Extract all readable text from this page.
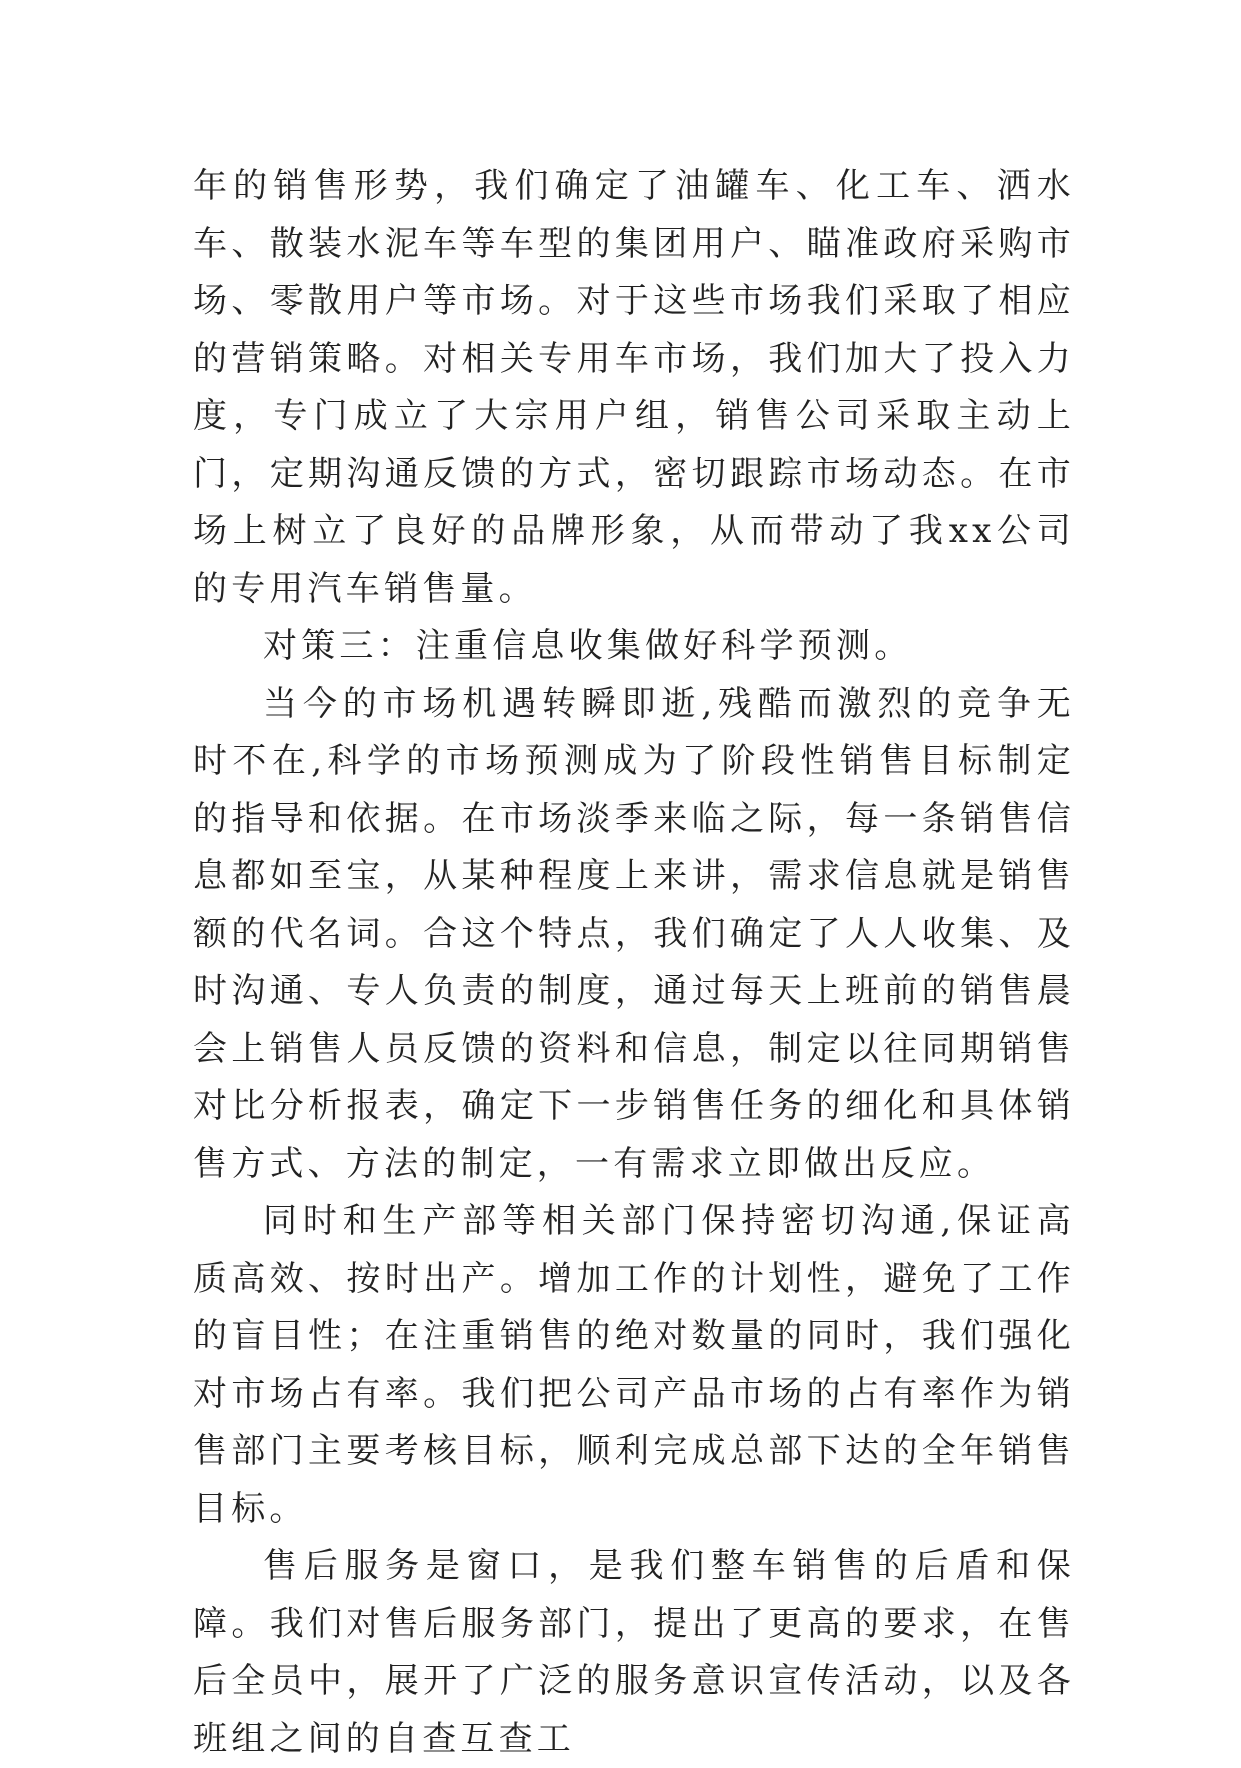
年的销售形势，我们确定了油罐车、化工车、洒水车、散装水泥车等车型的集团用户、瞄准政府采购市场、零散用户等市场。对于这些市场我们采取了相应的营销策略。对相关专用车市场，我们加大了投入力度，专门成立了大宗用户组，销售公司采取主动上门，定期沟通反馈的方式，密切跟踪市场动态。在市场上树立了良好的品牌形象，从而带动了我xx公司的专用汽车销售量。

对策三：注重信息收集做好科学预测。

当今的市场机遇转瞬即逝,残酷而激烈的竞争无时不在,科学的市场预测成为了阶段性销售目标制定的指导和依据。在市场淡季来临之际，每一条销售信息都如至宝，从某种程度上来讲，需求信息就是销售额的代名词。合这个特点，我们确定了人人收集、及时沟通、专人负责的制度，通过每天上班前的销售晨会上销售人员反馈的资料和信息，制定以往同期销售对比分析报表，确定下一步销售任务的细化和具体销售方式、方法的制定，一有需求立即做出反应。

同时和生产部等相关部门保持密切沟通,保证高质高效、按时出产。增加工作的计划性，避免了工作的盲目性；在注重销售的绝对数量的同时，我们强化对市场占有率。我们把公司产品市场的占有率作为销售部门主要考核目标，顺利完成总部下达的全年销售目标。

售后服务是窗口，是我们整车销售的后盾和保障。我们对售后服务部门，提出了更高的要求，在售后全员中，展开了广泛的服务意识宣传活动，以及各班组之间的自查互查工
